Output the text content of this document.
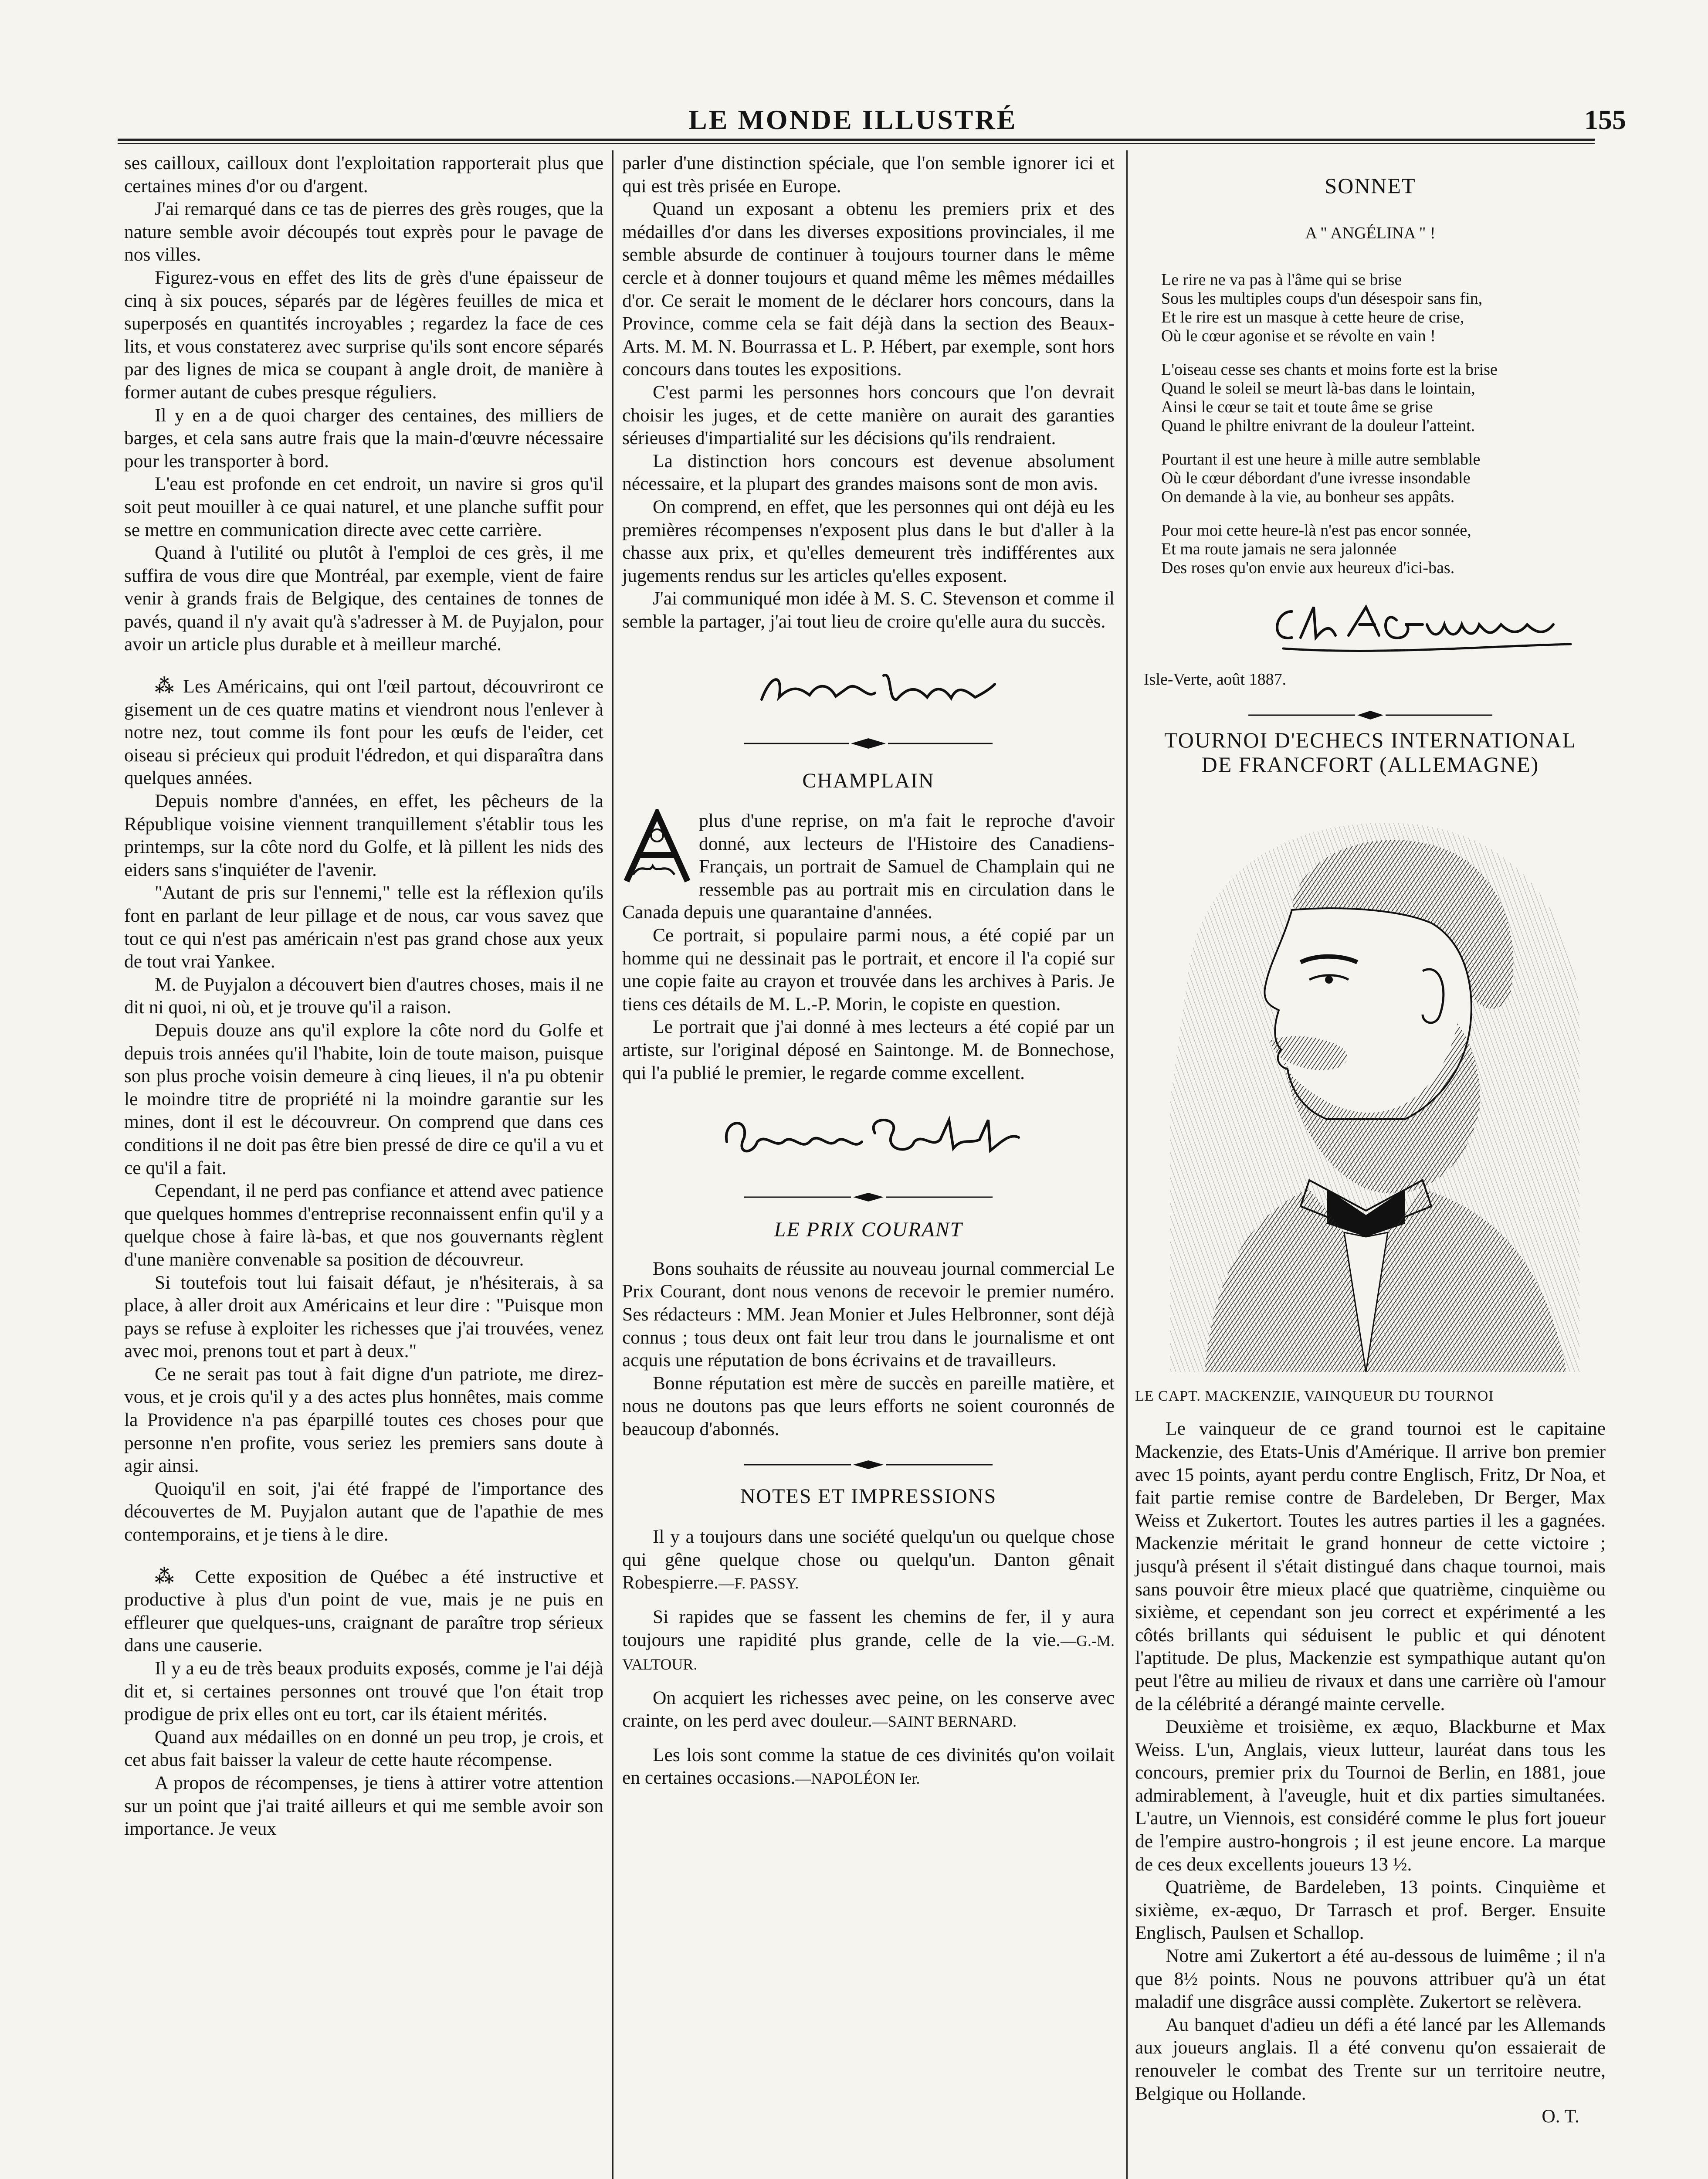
LE MONDE ILLUSTRÉ	155

ses cailloux, cailloux dont l'exploitation rapporterait plus que certaines mines d'or ou d'argent.

J'ai remarqué dans ce tas de pierres des grès rouges, que la nature semble avoir découpés tout exprès pour le pavage de nos villes.

Figurez-vous en effet des lits de grès d'une épaisseur de cinq à six pouces, séparés par de légères feuilles de mica et superposés en quantités incroyables ; regardez la face de ces lits, et vous constaterez avec surprise qu'ils sont encore séparés par des lignes de mica se coupant à angle droit, de manière à former autant de cubes presque réguliers.

Il y en a de quoi charger des centaines, des milliers de barges, et cela sans autre frais que la main-d'œuvre nécessaire pour les transporter à bord.

L'eau est profonde en cet endroit, un navire si gros qu'il soit peut mouiller à ce quai naturel, et une planche suffit pour se mettre en communication directe avec cette carrière.

Quand à l'utilité ou plutôt à l'emploi de ces grès, il me suffira de vous dire que Montréal, par exemple, vient de faire venir à grands frais de Belgique, des centaines de tonnes de pavés, quand il n'y avait qu'à s'adresser à M. de Puyjalon, pour avoir un article plus durable et à meilleur marché.

⁂ Les Américains, qui ont l'œil partout, découvriront ce gisement un de ces quatre matins et viendront nous l'enlever à notre nez, tout comme ils font pour les œufs de l'eider, cet oiseau si précieux qui produit l'édredon, et qui disparaîtra dans quelques années.

Depuis nombre d'années, en effet, les pêcheurs de la République voisine viennent tranquillement s'établir tous les printemps, sur la côte nord du Golfe, et là pillent les nids des eiders sans s'inquiéter de l'avenir.

"Autant de pris sur l'ennemi," telle est la réflexion qu'ils font en parlant de leur pillage et de nous, car vous savez que tout ce qui n'est pas américain n'est pas grand chose aux yeux de tout vrai Yankee.

M. de Puyjalon a découvert bien d'autres choses, mais il ne dit ni quoi, ni où, et je trouve qu'il a raison.

Depuis douze ans qu'il explore la côte nord du Golfe et depuis trois années qu'il l'habite, loin de toute maison, puisque son plus proche voisin demeure à cinq lieues, il n'a pu obtenir le moindre titre de propriété ni la moindre garantie sur les mines, dont il est le découvreur. On comprend que dans ces conditions il ne doit pas être bien pressé de dire ce qu'il a vu et ce qu'il a fait.

Cependant, il ne perd pas confiance et attend avec patience que quelques hommes d'entreprise reconnaissent enfin qu'il y a quelque chose à faire là-bas, et que nos gouvernants règlent d'une manière convenable sa position de découvreur.

Si toutefois tout lui faisait défaut, je n'hésiterais, à sa place, à aller droit aux Américains et leur dire : "Puisque mon pays se refuse à exploiter les richesses que j'ai trouvées, venez avec moi, prenons tout et part à deux."

Ce ne serait pas tout à fait digne d'un patriote, me direz-vous, et je crois qu'il y a des actes plus honnêtes, mais comme la Providence n'a pas éparpillé toutes ces choses pour que personne n'en profite, vous seriez les premiers sans doute à agir ainsi.

Quoiqu'il en soit, j'ai été frappé de l'importance des découvertes de M. Puyjalon autant que de l'apathie de mes contemporains, et je tiens à le dire.

⁂ Cette exposition de Québec a été instructive et productive à plus d'un point de vue, mais je ne puis en effleurer que quelques-uns, craignant de paraître trop sérieux dans une causerie.

Il y a eu de très beaux produits exposés, comme je l'ai déjà dit et, si certaines personnes ont trouvé que l'on était trop prodigue de prix elles ont eu tort, car ils étaient mérités.

Quand aux médailles on en donné un peu trop, je crois, et cet abus fait baisser la valeur de cette haute récompense.

A propos de récompenses, je tiens à attirer votre attention sur un point que j'ai traité ailleurs et qui me semble avoir son importance. Je veux

parler d'une distinction spéciale, que l'on semble ignorer ici et qui est très prisée en Europe.

Quand un exposant a obtenu les premiers prix et des médailles d'or dans les diverses expositions provinciales, il me semble absurde de continuer à toujours tourner dans le même cercle et à donner toujours et quand même les mêmes médailles d'or. Ce serait le moment de le déclarer hors concours, dans la Province, comme cela se fait déjà dans la section des Beaux-Arts. M. M. N. Bourrassa et L. P. Hébert, par exemple, sont hors concours dans toutes les expositions.

C'est parmi les personnes hors concours que l'on devrait choisir les juges, et de cette manière on aurait des garanties sérieuses d'impartialité sur les décisions qu'ils rendraient.

La distinction hors concours est devenue absolument nécessaire, et la plupart des grandes maisons sont de mon avis.

On comprend, en effet, que les personnes qui ont déjà eu les premières récompenses n'exposent plus dans le but d'aller à la chasse aux prix, et qu'elles demeurent très indifférentes aux jugements rendus sur les articles qu'elles exposent.

J'ai communiqué mon idée à M. S. C. Stevenson et comme il semble la partager, j'ai tout lieu de croire qu'elle aura du succès.

CHAMPLAIN

plus d'une reprise, on m'a fait le reproche d'avoir donné, aux lecteurs de l'Histoire des Canadiens-Français, un portrait de Samuel de Champlain qui ne ressemble pas au portrait mis en circulation dans le Canada depuis une quarantaine d'années.

Ce portrait, si populaire parmi nous, a été copié par un homme qui ne dessinait pas le portrait, et encore il l'a copié sur une copie faite au crayon et trouvée dans les archives à Paris. Je tiens ces détails de M. L.-P. Morin, le copiste en question.

Le portrait que j'ai donné à mes lecteurs a été copié par un artiste, sur l'original déposé en Saintonge. M. de Bonnechose, qui l'a publié le premier, le regarde comme excellent.

LE PRIX COURANT

Bons souhaits de réussite au nouveau journal commercial Le Prix Courant, dont nous venons de recevoir le premier numéro. Ses rédacteurs : MM. Jean Monier et Jules Helbronner, sont déjà connus ; tous deux ont fait leur trou dans le journalisme et ont acquis une réputation de bons écrivains et de travailleurs.

Bonne réputation est mère de succès en pareille matière, et nous ne doutons pas que leurs efforts ne soient couronnés de beaucoup d'abonnés.

NOTES ET IMPRESSIONS

Il y a toujours dans une société quelqu'un ou quelque chose qui gêne quelque chose ou quelqu'un. Danton gênait Robespierre.—F. PASSY.

Si rapides que se fassent les chemins de fer, il y aura toujours une rapidité plus grande, celle de la vie.—G.-M. VALTOUR.

On acquiert les richesses avec peine, on les conserve avec crainte, on les perd avec douleur.—SAINT BERNARD.

Les lois sont comme la statue de ces divinités qu'on voilait en certaines occasions.—NAPOLÉON Ier.

SONNET

A " ANGÉLINA " !

Le rire ne va pas à l'âme qui se brise
Sous les multiples coups d'un désespoir sans fin,
Et le rire est un masque à cette heure de crise,
Où le cœur agonise et se révolte en vain !

L'oiseau cesse ses chants et moins forte est la brise
Quand le soleil se meurt là-bas dans le lointain,
Ainsi le cœur se tait et toute âme se grise
Quand le philtre enivrant de la douleur l'atteint.

Pourtant il est une heure à mille autre semblable
Où le cœur débordant d'une ivresse insondable
On demande à la vie, au bonheur ses appâts.

Pour moi cette heure-là n'est pas encor sonnée,
Et ma route jamais ne sera jalonnée
Des roses qu'on envie aux heureux d'ici-bas.

Isle-Verte, août 1887.

TOURNOI D'ECHECS INTERNATIONAL
DE FRANCFORT (ALLEMAGNE)

LE CAPT. MACKENZIE, VAINQUEUR DU TOURNOI

Le vainqueur de ce grand tournoi est le capitaine Mackenzie, des Etats-Unis d'Amérique. Il arrive bon premier avec 15 points, ayant perdu contre Englisch, Fritz, Dr Noa, et fait partie remise contre de Bardeleben, Dr Berger, Max Weiss et Zukertort. Toutes les autres parties il les a gagnées. Mackenzie méritait le grand honneur de cette victoire ; jusqu'à présent il s'était distingué dans chaque tournoi, mais sans pouvoir être mieux placé que quatrième, cinquième ou sixième, et cependant son jeu correct et expérimenté a les côtés brillants qui séduisent le public et qui dénotent l'aptitude. De plus, Mackenzie est sympathique autant qu'on peut l'être au milieu de rivaux et dans une carrière où l'amour de la célébrité a dérangé mainte cervelle.

Deuxième et troisième, ex æquo, Blackburne et Max Weiss. L'un, Anglais, vieux lutteur, lauréat dans tous les concours, premier prix du Tournoi de Berlin, en 1881, joue admirablement, à l'aveugle, huit et dix parties simultanées. L'autre, un Viennois, est considéré comme le plus fort joueur de l'empire austro-hongrois ; il est jeune encore. La marque de ces deux excellents joueurs 13 ½.

Quatrième, de Bardeleben, 13 points. Cinquième et sixième, ex-æquo, Dr Tarrasch et prof. Berger. Ensuite Englisch, Paulsen et Schallop.

Notre ami Zukertort a été au-dessous de luimême ; il n'a que 8½ points. Nous ne pouvons attribuer qu'à un état maladif une disgrâce aussi complète. Zukertort se relèvera.

Au banquet d'adieu un défi a été lancé par les Allemands aux joueurs anglais. Il a été convenu qu'on essaierait de renouveler le combat des Trente sur un territoire neutre, Belgique ou Hollande.

O. T.
